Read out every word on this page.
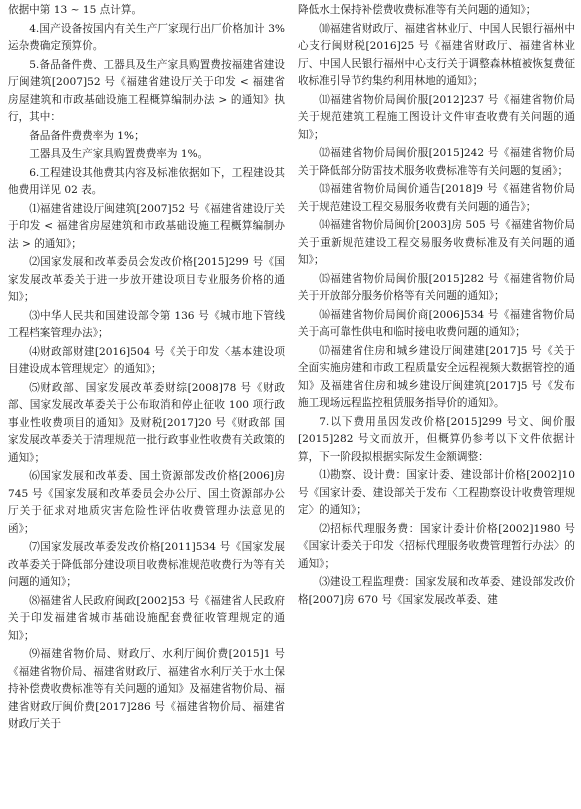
依据中第 13 ~ 15 点计算。

4.国产设备按国内有关生产厂家现行出厂价格加计 3%运杂费确定预算价。

5.备品备件费、工器具及生产家具购置费按福建省建设厅闽建筑[2007]52 号《福建省建设厅关于印发 < 福建省房屋建筑和市政基础设施工程概算编制办法 > 的通知》执行，其中：

备品备件费费率为 1%；

工器具及生产家具购置费费率为 1%。

6.工程建设其他费其内容及标准依据如下，工程建设其他费用详见 02 表。

⑴福建省建设厅闽建筑[2007]52 号《福建省建设厅关于印发 < 福建省房屋建筑和市政基础设施工程概算编制办法 > 的通知》；

⑵国家发展和改革委员会发改价格[2015]299 号《国家发展改革委关于进一步放开建设项目专业服务价格的通知》；

⑶中华人民共和国建设部令第 136 号《城市地下管线工程档案管理办法》；

⑷财政部财建[2016]504 号《关于印发〈基本建设项目建设成本管理规定〉的通知》；

⑸财政部、国家发展改革委财综[2008]78 号《财政部、国家发展改革委关于公布取消和停止征收 100 项行政事业性收费项目的通知》及财税[2017]20 号《财政部 国家发展改革委关于清理规范一批行政事业性收费有关政策的通知》；

⑹国家发展和改革委、国土资源部发改价格[2006]房 745 号《国家发展和改革委员会办公厅、国土资源部办公厅关于征求对地质灾害危险性评估收费管理办法意见的函》；

⑺国家发展改革委发改价格[2011]534 号《国家发展改革委关于降低部分建设项目收费标准规范收费行为等有关问题的通知》；

⑻福建省人民政府闽政[2002]53 号《福建省人民政府关于印发福建省城市基础设施配套费征收管理规定的通知》；

⑼福建省物价局、财政厅、水利厅闽价费[2015]1 号《福建省物价局、福建省财政厅、福建省水利厅关于水土保持补偿费收费标准等有关问题的通知》及福建省物价局、福建省财政厅闽价费[2017]286 号《福建省物价局、福建省财政厅关于

降低水土保持补偿费收费标准等有关问题的通知》；

⑽福建省财政厅、福建省林业厅、中国人民银行福州中心支行闽财税[2016]25 号《福建省财政厅、福建省林业厅、中国人民银行福州中心支行关于调整森林植被恢复费征收标准引导节约集约利用林地的通知》；

⑾福建省物价局闽价服[2012]237 号《福建省物价局关于规范建筑工程施工图设计文件审查收费有关问题的通知》；

⑿福建省物价局闽价服[2015]242 号《福建省物价局关于降低部分防雷技术服务收费标准等有关问题的复函》；

⒀福建省物价局闽价通告[2018]9 号《福建省物价局关于规范建设工程交易服务收费有关问题的通告》；

⒁福建省物价局闽价[2003]房 505 号《福建省物价局关于重新规范建设工程交易服务收费标准及有关问题的通知》；

⒂福建省物价局闽价服[2015]282 号《福建省物价局关于开放部分服务价格等有关问题的通知》；

⒃福建省物价局闽价商[2006]534 号《福建省物价局关于高可靠性供电和临时接电收费问题的通知》；

⒄福建省住房和城乡建设厅闽建建[2017]5 号《关于全面实施房建和市政工程质量安全远程视频大数据管控的通知》及福建省住房和城乡建设厅闽建筑[2017]5 号《发布施工现场远程监控租赁服务指导价的通知》。

7.以下费用虽因发改价格[2015]299 号文、闽价服[2015]282 号文而放开，但概算仍参考以下文件依据计算，下一阶段拟根据实际发生金额调整：

⑴勘察、设计费：国家计委、建设部计价格[2002]10 号《国家计委、建设部关于发布〈工程勘察设计收费管理规定〉的通知》；

⑵招标代理服务费：国家计委计价格[2002]1980 号《国家计委关于印发〈招标代理服务收费管理暂行办法〉的通知》；

⑶建设工程监理费：国家发展和改革委、建设部发改价格[2007]房 670 号《国家发展改革委、建
